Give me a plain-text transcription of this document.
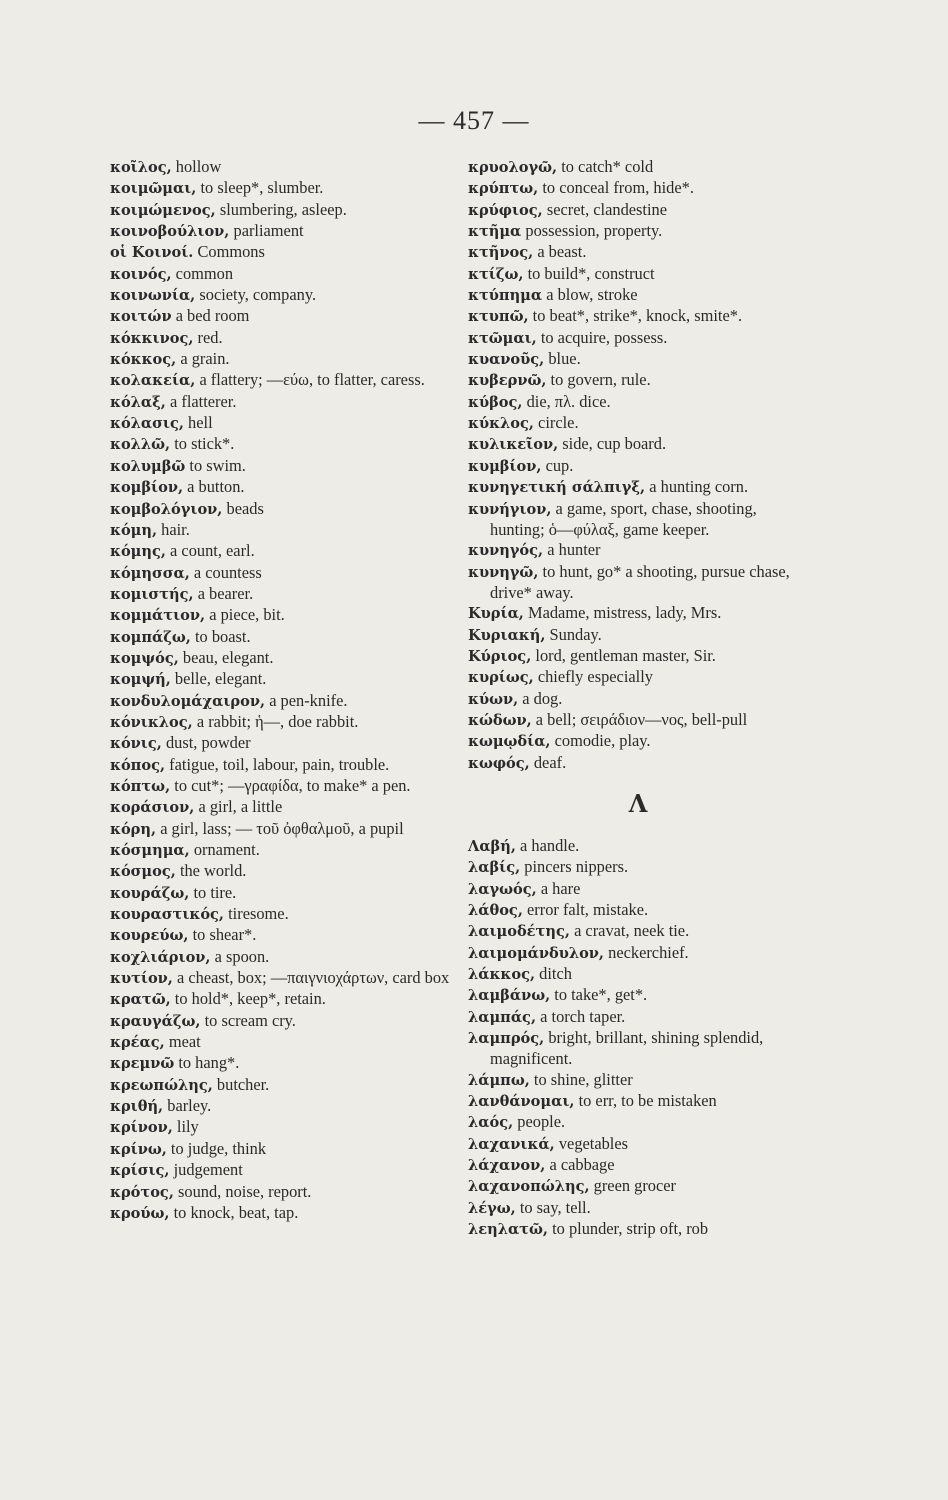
— 457 —
κοῖλος, hollow
κοιμῶμαι, to sleep*, slumber.
κοιμώμενος, slumbering, asleep.
κοινοβούλιον, parliament
οἱ Κοινοί. Commons
κοινός, common
κοινωνία, society, company.
κοιτών a bed room
κόκκινος, red.
κόκκος, a grain.
κολακεία, a flattery; —εύω, to flatter, caress.
κόλαξ, a flatterer.
κόλασις, hell
κολλῶ, to stick*.
κολυμβῶ to swim.
κομβίον, a button.
κομβολόγιον, beads
κόμη, hair.
κόμης, a count, earl.
κόμησσα, a countess
κομιστής, a bearer.
κομμάτιον, a piece, bit.
κομπάζω, to boast.
κομψός, beau, elegant.
κομψή, belle, elegant.
κονδυλομάχαιρον, a pen-knife.
κόνικλος, a rabbit; ἡ—, doe rabbit.
κόνις, dust, powder
κόπος, fatigue, toil, labour, pain, trouble.
κόπτω, to cut*; —γραφίδα, to make* a pen.
κοράσιον, a girl, a little
κόρη, a girl, lass; — τοῦ ὀφθαλμοῦ, a pupil
κόσμημα, ornament.
κόσμος, the world.
κουράζω, to tire.
κουραστικός, tiresome.
κουρεύω, to shear*.
κοχλιάριον, a spoon.
κυτίον, a cheast, box; —παιγνιοχάρτων, card box
κρατῶ, to hold*, keep*, retain.
κραυγάζω, to scream cry.
κρέας, meat
κρεμνῶ to hang*.
κρεωπώλης, butcher.
κριθή, barley.
κρίνον, lily
κρίνω, to judge, think
κρίσις, judgement
κρότος, sound, noise, report.
κρούω, to knock, beat, tap.
κρυολογῶ, to catch* cold
κρύπτω, to conceal from, hide*.
κρύφιος, secret, clandestine
κτῆμα possession, property.
κτῆνος, a beast.
κτίζω, to build*, construct
κτύπημα a blow, stroke
κτυπῶ, to beat*, strike*, knock, smite*.
κτῶμαι, to acquire, possess.
κυανοῦς, blue.
κυβερνῶ, to govern, rule.
κύβος, die, πλ. dice.
κύκλος, circle.
κυλικεῖον, side, cup board.
κυμβίον, cup.
κυνηγετική σάλπιγξ, a hunting corn.
κυνήγιον, a game, sport, chase, shooting, hunting; ὁ—φύλαξ, game keeper.
κυνηγός, a hunter
κυνηγῶ, to hunt, go* a shooting, pursue chase, drive* away.
Κυρία, Madame, mistress, lady, Mrs.
Κυριακή, Sunday.
Κύριος, lord, gentleman master, Sir.
κυρίως, chiefly especially
κύων, a dog.
κώδων, a bell; σειράδιον—νος, bell-pull
κωμῳδία, comodie, play.
κωφός, deaf.
Λ
Λαβή, a handle.
λαβίς, pincers nippers.
λαγωός, a hare
λάθος, error falt, mistake.
λαιμοδέτης, a cravat, neek tie.
λαιμομάνδυλον, neckerchief.
λάκκος, ditch
λαμβάνω, to take*, get*.
λαμπάς, a torch taper.
λαμπρός, bright, brillant, shining splendid, magnificent.
λάμπω, to shine, glitter
λανθάνομαι, to err, to be mistaken
λαός, people.
λαχανικά, vegetables
λάχανον, a cabbage
λαχανοπώλης, green grocer
λέγω, to say, tell.
λεηλατῶ, to plunder, strip oft, rob
